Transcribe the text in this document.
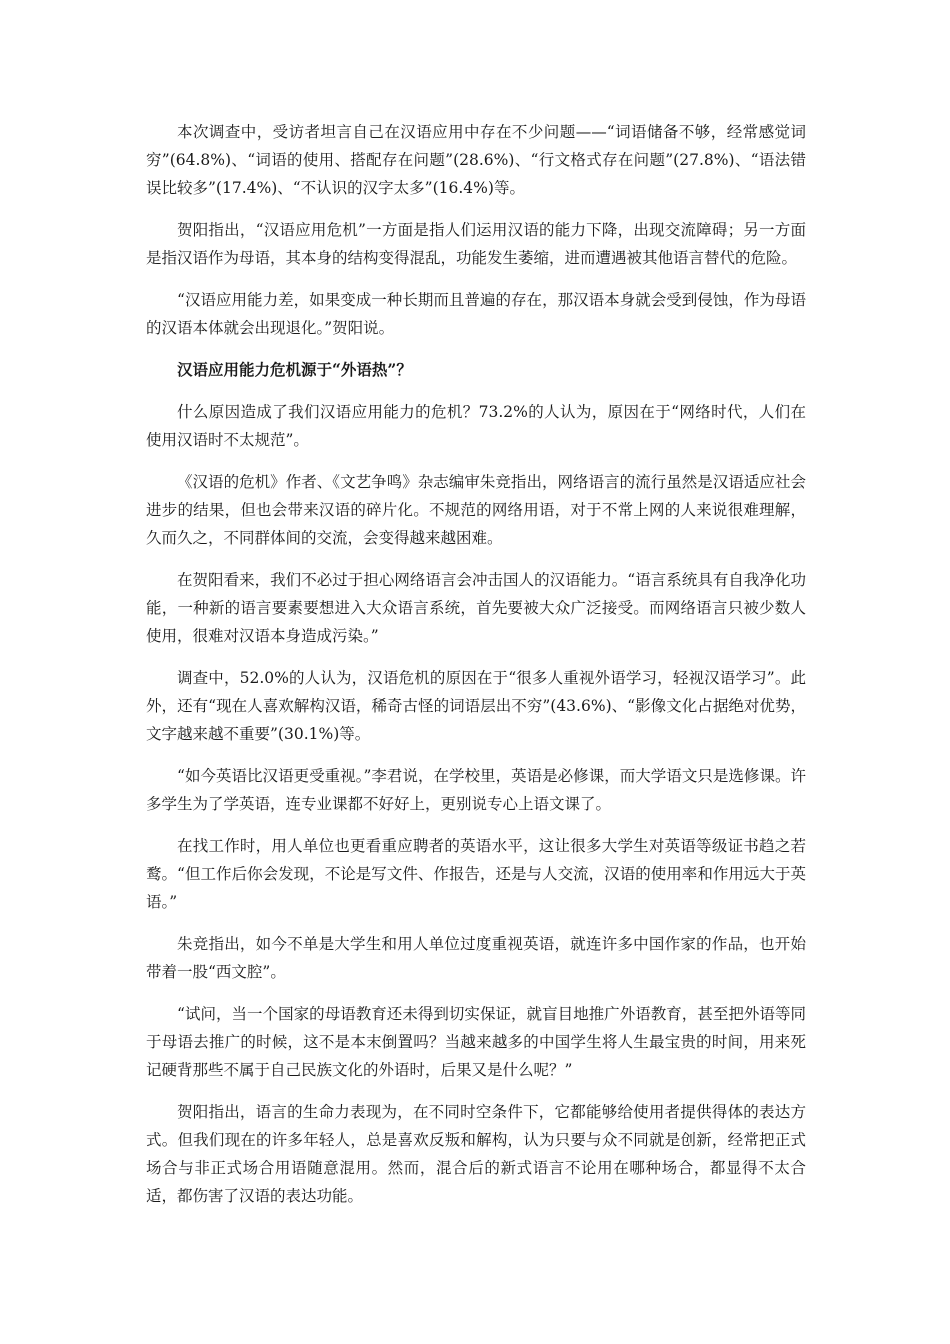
本次调查中，受访者坦言自己在汉语应用中存在不少问题——“词语储备不够，经常感觉词穷”(64.8%)、“词语的使用、搭配存在问题”(28.6%)、“行文格式存在问题”(27.8%)、“语法错误比较多”(17.4%)、“不认识的汉字太多”(16.4%)等。

贺阳指出，“汉语应用危机”一方面是指人们运用汉语的能力下降，出现交流障碍；另一方面是指汉语作为母语，其本身的结构变得混乱，功能发生萎缩，进而遭遇被其他语言替代的危险。

“汉语应用能力差，如果变成一种长期而且普遍的存在，那汉语本身就会受到侵蚀，作为母语的汉语本体就会出现退化。”贺阳说。

汉语应用能力危机源于“外语热”？

什么原因造成了我们汉语应用能力的危机？73.2%的人认为，原因在于“网络时代，人们在使用汉语时不太规范”。

《汉语的危机》作者、《文艺争鸣》杂志编审朱竞指出，网络语言的流行虽然是汉语适应社会进步的结果，但也会带来汉语的碎片化。不规范的网络用语，对于不常上网的人来说很难理解，久而久之，不同群体间的交流，会变得越来越困难。

在贺阳看来，我们不必过于担心网络语言会冲击国人的汉语能力。“语言系统具有自我净化功能，一种新的语言要素要想进入大众语言系统，首先要被大众广泛接受。而网络语言只被少数人使用，很难对汉语本身造成污染。”

调查中，52.0%的人认为，汉语危机的原因在于“很多人重视外语学习，轻视汉语学习”。此外，还有“现在人喜欢解构汉语，稀奇古怪的词语层出不穷”(43.6%)、“影像文化占据绝对优势，文字越来越不重要”(30.1%)等。

“如今英语比汉语更受重视。”李君说，在学校里，英语是必修课，而大学语文只是选修课。许多学生为了学英语，连专业课都不好好上，更别说专心上语文课了。

在找工作时，用人单位也更看重应聘者的英语水平，这让很多大学生对英语等级证书趋之若鹜。“但工作后你会发现，不论是写文件、作报告，还是与人交流，汉语的使用率和作用远大于英语。”

朱竞指出，如今不单是大学生和用人单位过度重视英语，就连许多中国作家的作品，也开始带着一股“西文腔”。

“试问，当一个国家的母语教育还未得到切实保证，就盲目地推广外语教育，甚至把外语等同于母语去推广的时候，这不是本末倒置吗？当越来越多的中国学生将人生最宝贵的时间，用来死记硬背那些不属于自己民族文化的外语时，后果又是什么呢？”

贺阳指出，语言的生命力表现为，在不同时空条件下，它都能够给使用者提供得体的表达方式。但我们现在的许多年轻人，总是喜欢反叛和解构，认为只要与众不同就是创新，经常把正式场合与非正式场合用语随意混用。然而，混合后的新式语言不论用在哪种场合，都显得不太合适，都伤害了汉语的表达功能。
